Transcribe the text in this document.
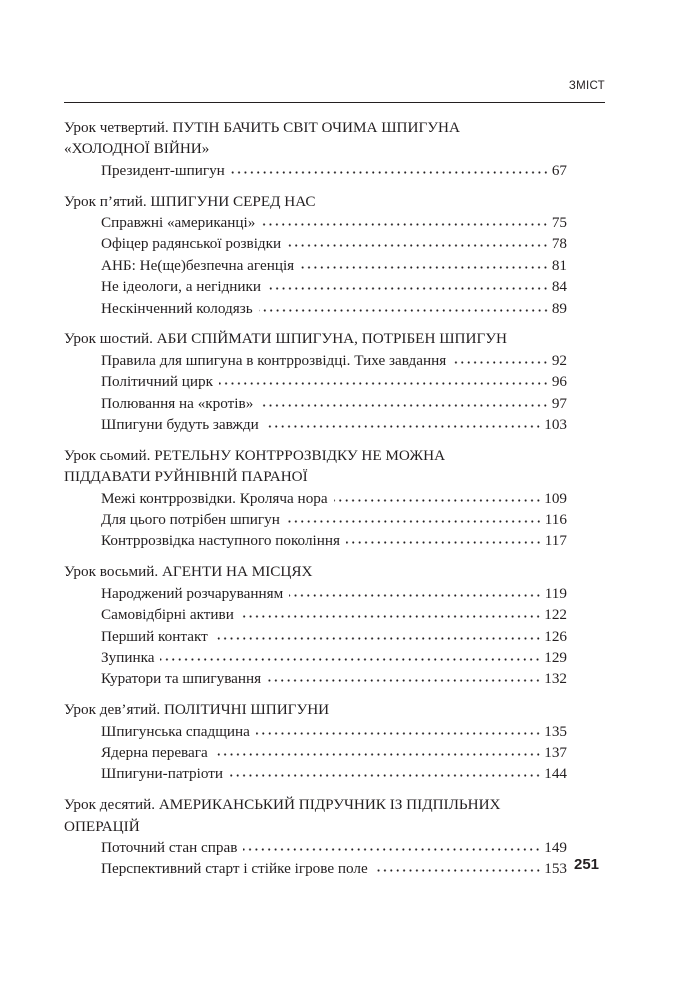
ЗМІСТ
Урок четвертий. ПУТІН БАЧИТЬ СВІТ ОЧИМА ШПИГУНА
«ХОЛОДНОЇ ВІЙНИ»
Президент-шпигун	67
Урок п’ятий. ШПИГУНИ СЕРЕД НАС
Справжні «американці»	75
Офіцер радянської розвідки	78
АНБ: Не(ще)безпечна агенція	81
Не ідеологи, а негідники	84
Нескінченний колодязь	89
Урок шостий. АБИ СПІЙМАТИ ШПИГУНА, ПОТРІБЕН ШПИГУН
Правила для шпигуна в контррозвідці. Тихе завдання	92
Політичний цирк	96
Полювання на «кротів»	97
Шпигуни будуть завжди	103
Урок сьомий. РЕТЕЛЬНУ КОНТРРОЗВІДКУ НЕ МОЖНА
ПІДДАВАТИ РУЙНІВНІЙ ПАРАНОЇ
Межі контррозвідки. Кроляча нора	109
Для цього потрібен шпигун	116
Контррозвідка наступного покоління	117
Урок восьмий. АГЕНТИ НА МІСЦЯХ
Народжений розчаруванням	119
Самовідбірні активи	122
Перший контакт	126
Зупинка	129
Куратори та шпигування	132
Урок дев’ятий. ПОЛІТИЧНІ ШПИГУНИ
Шпигунська спадщина	135
Ядерна перевага	137
Шпигуни-патріоти	144
Урок десятий. АМЕРИКАНСЬКИЙ ПІДРУЧНИК ІЗ ПІДПІЛЬНИХ
ОПЕРАЦІЙ
Поточний стан справ	149
Перспективний старт і стійке ігрове поле	153 251
